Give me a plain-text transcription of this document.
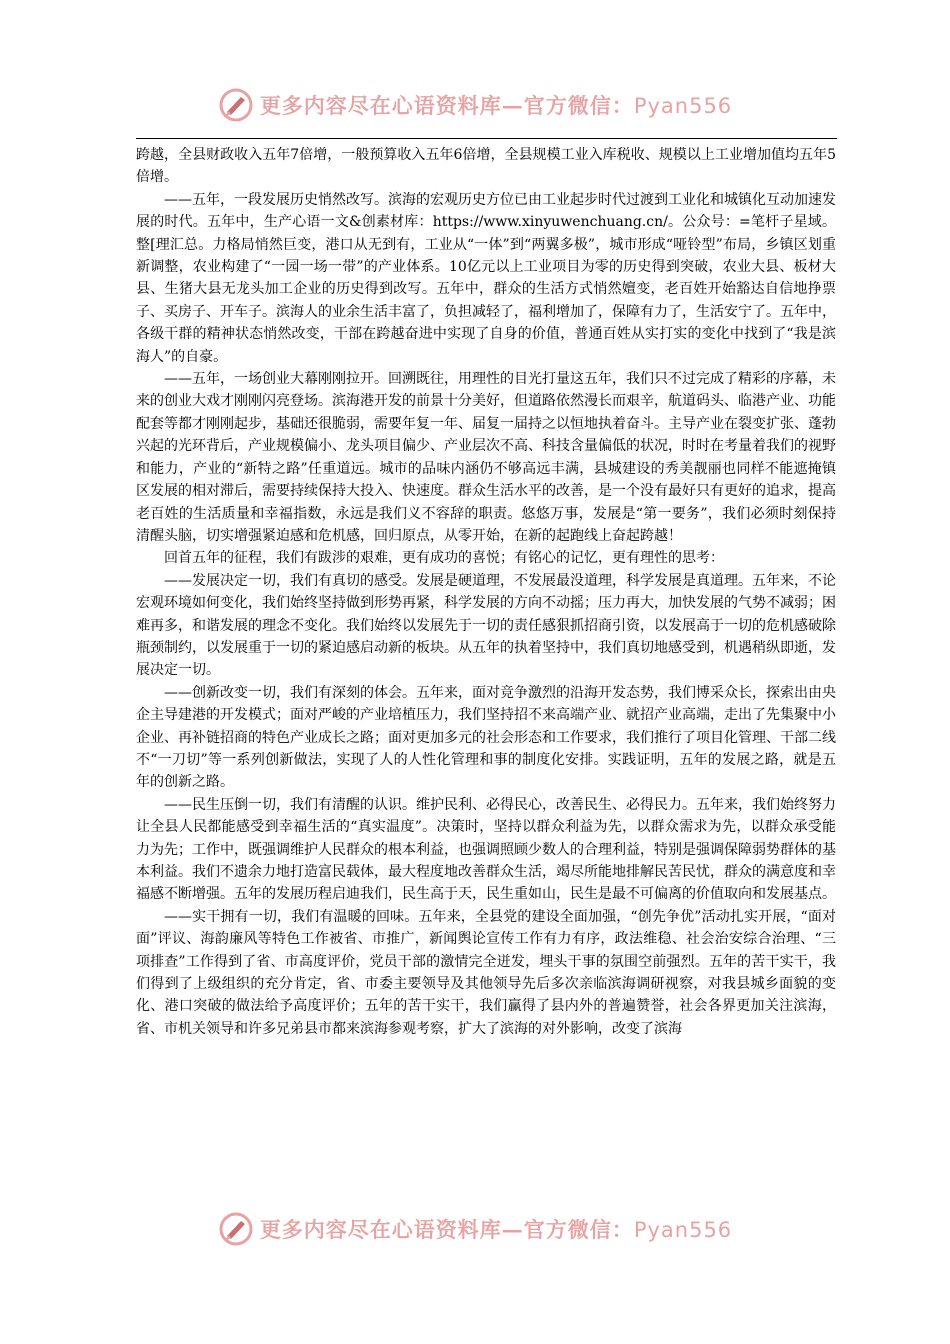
更多内容尽在心语资料库—官方微信：Pyan556

跨越，全县财政收入五年7倍增，一般预算收入五年6倍增，全县规模工业入库税收、规模以上工业增加值均五年5倍增。

——五年，一段发展历史悄然改写。滨海的宏观历史方位已由工业起步时代过渡到工业化和城镇化互动加速发展的时代。五年中，生产心语一文&创素材库：https://www.xinyuwenchuang.cn/。公众号：=笔杆子星域。整[理汇总。力格局悄然巨变，港口从无到有，工业从“一体”到“两翼多极”，城市形成“哑铃型”布局，乡镇区划重新调整，农业构建了“一园一场一带”的产业体系。10亿元以上工业项目为零的历史得到突破，农业大县、板材大县、生猪大县无龙头加工企业的历史得到改写。五年中，群众的生活方式悄然嬗变，老百姓开始豁达自信地挣票子、买房子、开车子。滨海人的业余生活丰富了，负担减轻了，福利增加了，保障有力了，生活安宁了。五年中，各级干群的精神状态悄然改变，干部在跨越奋进中实现了自身的价值，普通百姓从实打实的变化中找到了“我是滨海人”的自豪。

——五年，一场创业大幕刚刚拉开。回溯既往，用理性的目光打量这五年，我们只不过完成了精彩的序幕，未来的创业大戏才刚刚闪亮登场。滨海港开发的前景十分美好，但道路依然漫长而艰辛，航道码头、临港产业、功能配套等都才刚刚起步，基础还很脆弱，需要年复一年、届复一届持之以恒地执着奋斗。主导产业在裂变扩张、蓬勃兴起的光环背后，产业规模偏小、龙头项目偏少、产业层次不高、科技含量偏低的状况，时时在考量着我们的视野和能力，产业的“新特之路”任重道远。城市的品味内涵仍不够高远丰满，县城建设的秀美靓丽也同样不能遮掩镇区发展的相对滞后，需要持续保持大投入、快速度。群众生活水平的改善，是一个没有最好只有更好的追求，提高老百姓的生活质量和幸福指数，永远是我们义不容辞的职责。悠悠万事，发展是“第一要务”，我们必须时刻保持清醒头脑，切实增强紧迫感和危机感，回归原点，从零开始，在新的起跑线上奋起跨越！

回首五年的征程，我们有跋涉的艰难，更有成功的喜悦；有铭心的记忆，更有理性的思考：

——发展决定一切，我们有真切的感受。发展是硬道理，不发展最没道理，科学发展是真道理。五年来，不论宏观环境如何变化，我们始终坚持做到形势再紧，科学发展的方向不动摇；压力再大，加快发展的气势不减弱；困难再多，和谐发展的理念不变化。我们始终以发展先于一切的责任感狠抓招商引资，以发展高于一切的危机感破除瓶颈制约，以发展重于一切的紧迫感启动新的板块。从五年的执着坚持中，我们真切地感受到，机遇稍纵即逝，发展决定一切。

——创新改变一切，我们有深刻的体会。五年来，面对竞争激烈的沿海开发态势，我们博采众长，探索出由央企主导建港的开发模式；面对严峻的产业培植压力，我们坚持招不来高端产业、就招产业高端，走出了先集聚中小企业、再补链招商的特色产业成长之路；面对更加多元的社会形态和工作要求，我们推行了项目化管理、干部二线不“一刀切”等一系列创新做法，实现了人的人性化管理和事的制度化安排。实践证明，五年的发展之路，就是五年的创新之路。

——民生压倒一切，我们有清醒的认识。维护民利、必得民心，改善民生、必得民力。五年来，我们始终努力让全县人民都能感受到幸福生活的“真实温度”。决策时，坚持以群众利益为先，以群众需求为先，以群众承受能力为先；工作中，既强调维护人民群众的根本利益，也强调照顾少数人的合理利益，特别是强调保障弱势群体的基本利益。我们不遗余力地打造富民载体，最大程度地改善群众生活，竭尽所能地排解民苦民忧，群众的满意度和幸福感不断增强。五年的发展历程启迪我们，民生高于天，民生重如山，民生是最不可偏离的价值取向和发展基点。

——实干拥有一切，我们有温暖的回味。五年来，全县党的建设全面加强，“创先争优”活动扎实开展，“面对面”评议、海韵廉风等特色工作被省、市推广，新闻舆论宣传工作有力有序，政法维稳、社会治安综合治理、“三项排查”工作得到了省、市高度评价，党员干部的激情完全迸发，埋头干事的氛围空前强烈。五年的苦干实干，我们得到了上级组织的充分肯定，省、市委主要领导及其他领导先后多次亲临滨海调研视察，对我县城乡面貌的变化、港口突破的做法给予高度评价；五年的苦干实干，我们赢得了县内外的普遍赞誉，社会各界更加关注滨海，省、市机关领导和许多兄弟县市都来滨海参观考察，扩大了滨海的对外影响，改变了滨海

更多内容尽在心语资料库—官方微信：Pyan556
